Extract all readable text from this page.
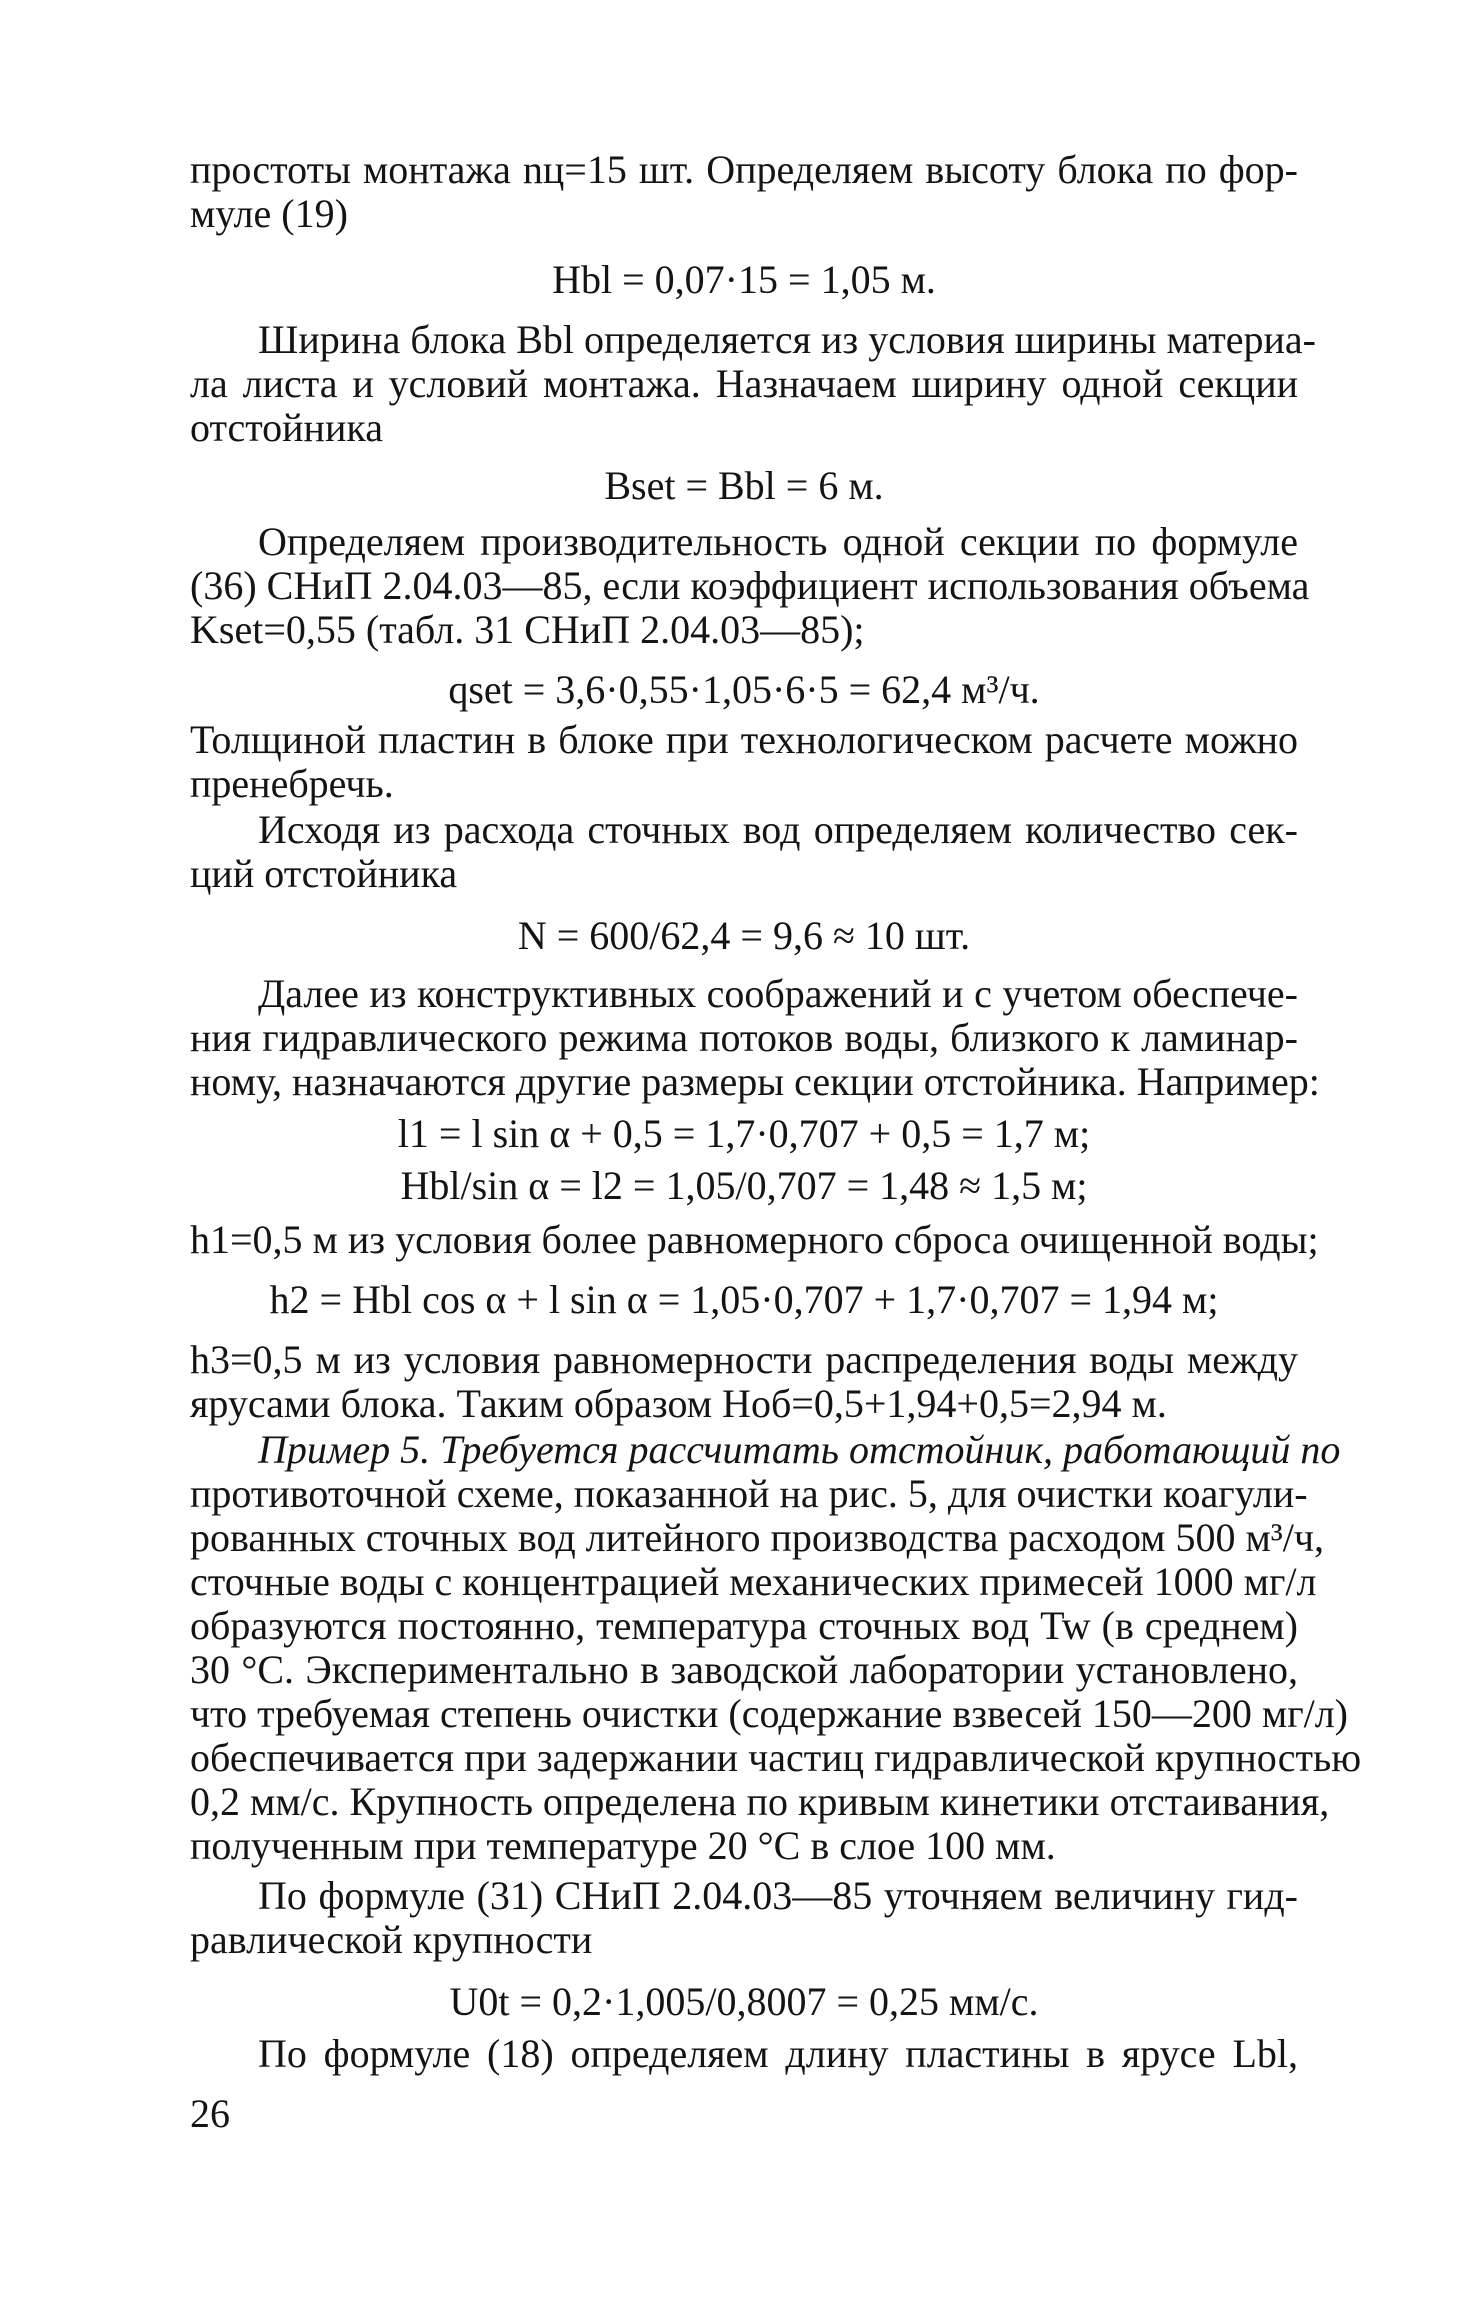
простоты монтажа nц=15 шт. Определяем высоту блока по фор-
муле (19)
Hbl = 0,07·15 = 1,05 м.
Ширина блока Bbl определяется из условия ширины материа-
ла листа и условий монтажа. Назначаем ширину одной секции
отстойника
Bset = Bbl = 6 м.
Определяем производительность одной секции по формуле
(36) СНиП 2.04.03—85, если коэффициент использования объема
Kset=0,55 (табл. 31 СНиП 2.04.03—85);
qset = 3,6·0,55·1,05·6·5 = 62,4 м³/ч.
Толщиной пластин в блоке при технологическом расчете можно
пренебречь.
Исходя из расхода сточных вод определяем количество сек-
ций отстойника
N = 600/62,4 = 9,6 ≈ 10 шт.
Далее из конструктивных соображений и с учетом обеспече-
ния гидравлического режима потоков воды, близкого к ламинар-
ному, назначаются другие размеры секции отстойника. Например:
l1 = l sin α + 0,5 = 1,7·0,707 + 0,5 = 1,7 м;
Hbl/sin α = l2 = 1,05/0,707 = 1,48 ≈ 1,5 м;
h1=0,5 м из условия более равномерного сброса очищенной воды;
h2 = Hbl cos α + l sin α = 1,05·0,707 + 1,7·0,707 = 1,94 м;
h3=0,5 м из условия равномерности распределения воды между
ярусами блока. Таким образом Hоб=0,5+1,94+0,5=2,94 м.
Пример 5. Требуется рассчитать отстойник, работающий по
противоточной схеме, показанной на рис. 5, для очистки коагули-
рованных сточных вод литейного производства расходом 500 м³/ч,
сточные воды с концентрацией механических примесей 1000 мг/л
образуются постоянно, температура сточных вод Tw (в среднем)
30 °C. Экспериментально в заводской лаборатории установлено,
что требуемая степень очистки (содержание взвесей 150—200 мг/л)
обеспечивается при задержании частиц гидравлической крупностью
0,2 мм/с. Крупность определена по кривым кинетики отстаивания,
полученным при температуре 20 °C в слое 100 мм.
По формуле (31) СНиП 2.04.03—85 уточняем величину гид-
равлической крупности
U0t = 0,2·1,005/0,8007 = 0,25 мм/с.
По формуле (18) определяем длину пластины в ярусе Lbl,
26
